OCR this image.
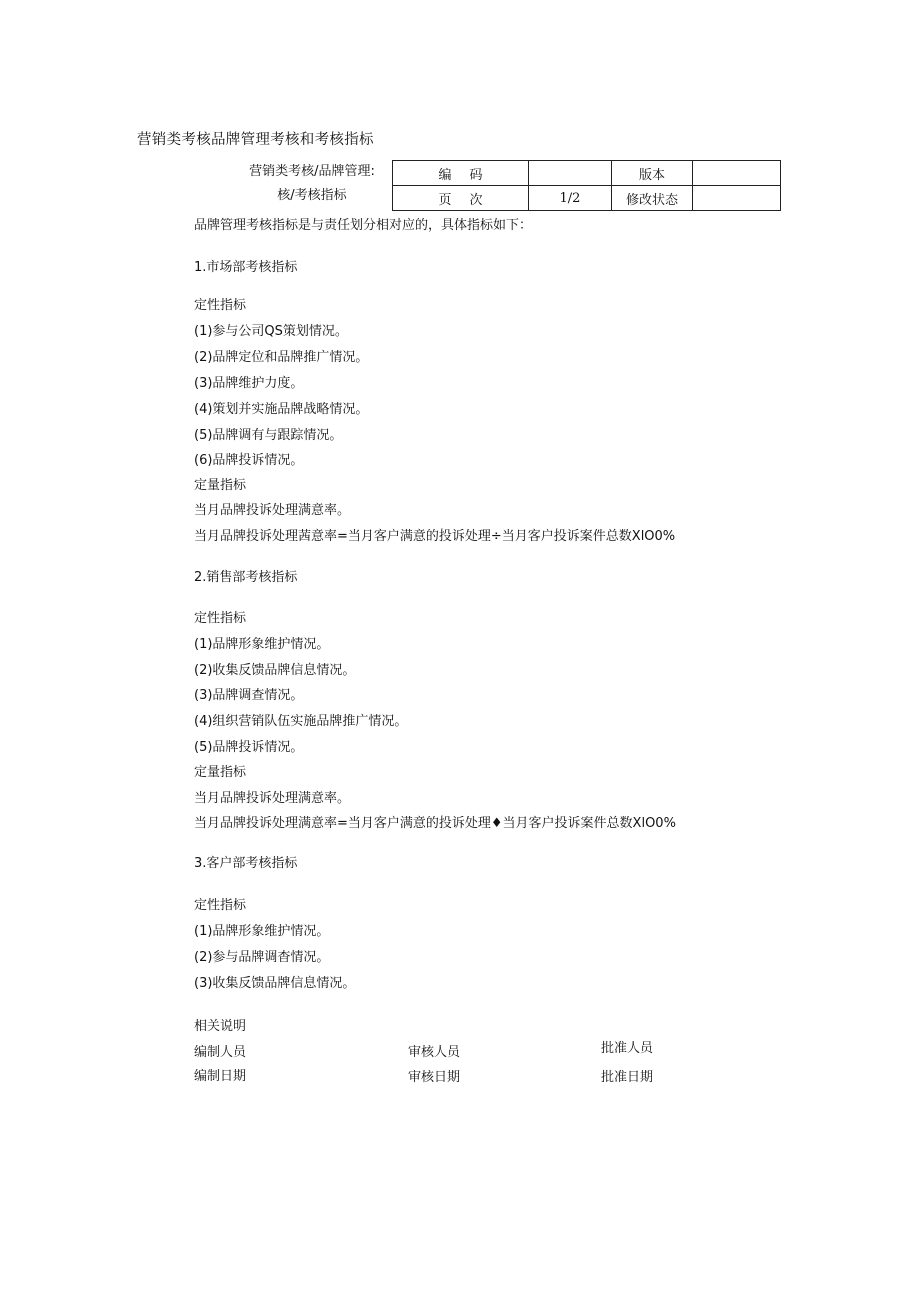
营销类考核品牌管理考核和考核指标
营销类考核/品牌管理:
核/考核指标
编码		版本	
页次	1/2	修改状态	
品牌管理考核指标是与责任划分相对应的，具体指标如下：
1.市场部考核指标
定性指标
(1)参与公司QS策划情况。
(2)品牌定位和品牌推广情况。
(3)品牌维护力度。
(4)策划并实施品牌战略情况。
(5)品牌调有与跟踪情况。
(6)品牌投诉情况。
定量指标
当月品牌投诉处理满意率。
当月品牌投诉处理茜意率=当月客户满意的投诉处理÷当月客户投诉案件总数XlO0%
2.销售部考核指标
定性指标
(1)品牌形象维护情况。
(2)收集反馈品牌信息情况。
(3)品牌调查情况。
(4)组织营销队伍实施品牌推广情况。
(5)品牌投诉情况。
定量指标
当月品牌投诉处理满意率。
当月品牌投诉处理满意率=当月客户满意的投诉处理♦当月客户投诉案件总数XlO0%
3.客户部考核指标
定性指标
(1)品牌形象维护情况。
(2)参与品牌调杳情况。
(3)收集反馈品牌信息情况。
相关说明
编制人员	审核人员	批准人员
编制日期	审核日期	批准日期
